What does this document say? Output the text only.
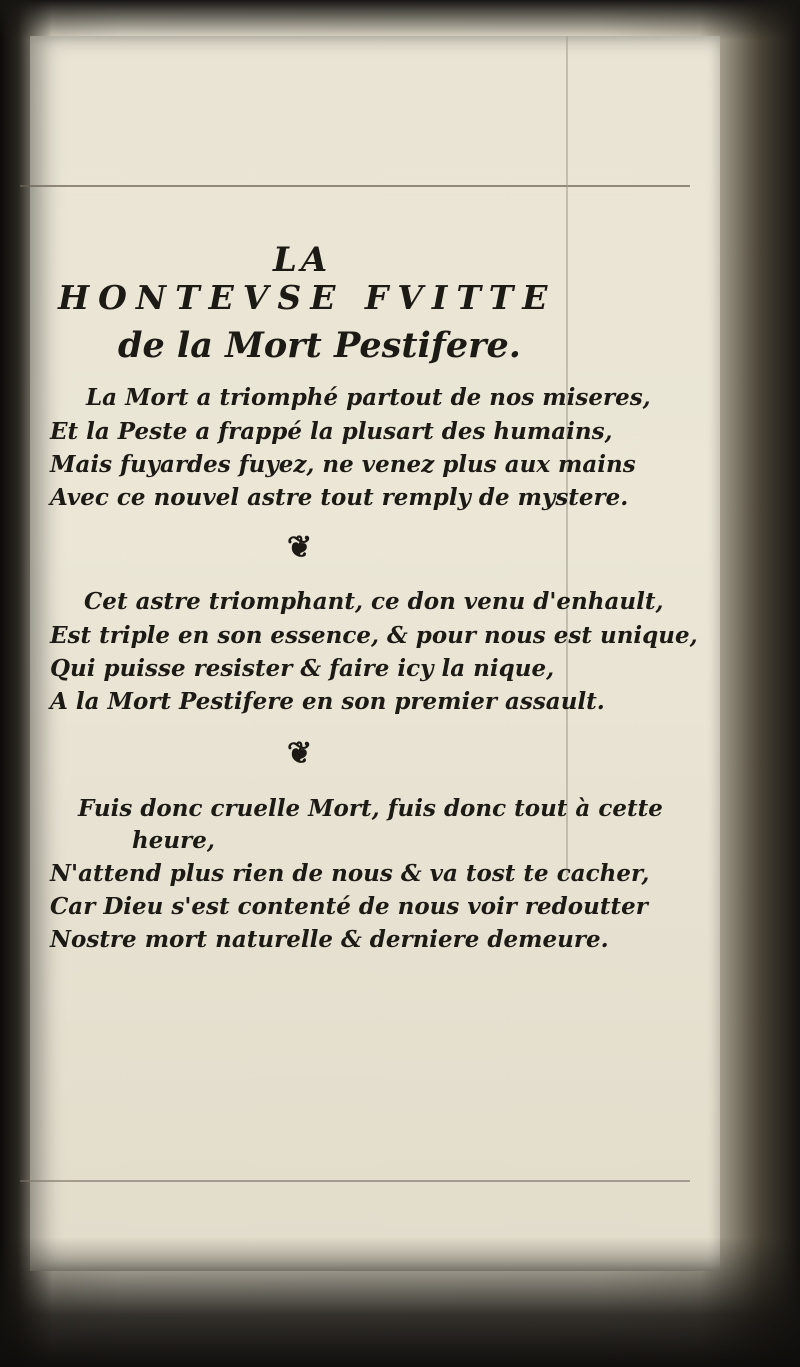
LA
HONTEVSE FVITTE
de la Mort Pestifere.
La Mort a triomphé partout de nos miseres,
Et la Peste a frappé la plusart des humains,
Mais fuyardes fuyez, ne venez plus aux mains
Avec ce nouvel astre tout remply de mystere.
❦
Cet astre triomphant, ce don venu d'enhault,
Est triple en son essence, & pour nous est unique,
Qui puisse resister & faire icy la nique,
A la Mort Pestifere en son premier assault.
❦
Fuis donc cruelle Mort, fuis donc tout à cette
heure,
N'attend plus rien de nous & va tost te cacher,
Car Dieu s'est contenté de nous voir redoutter
Nostre mort naturelle & derniere demeure.
